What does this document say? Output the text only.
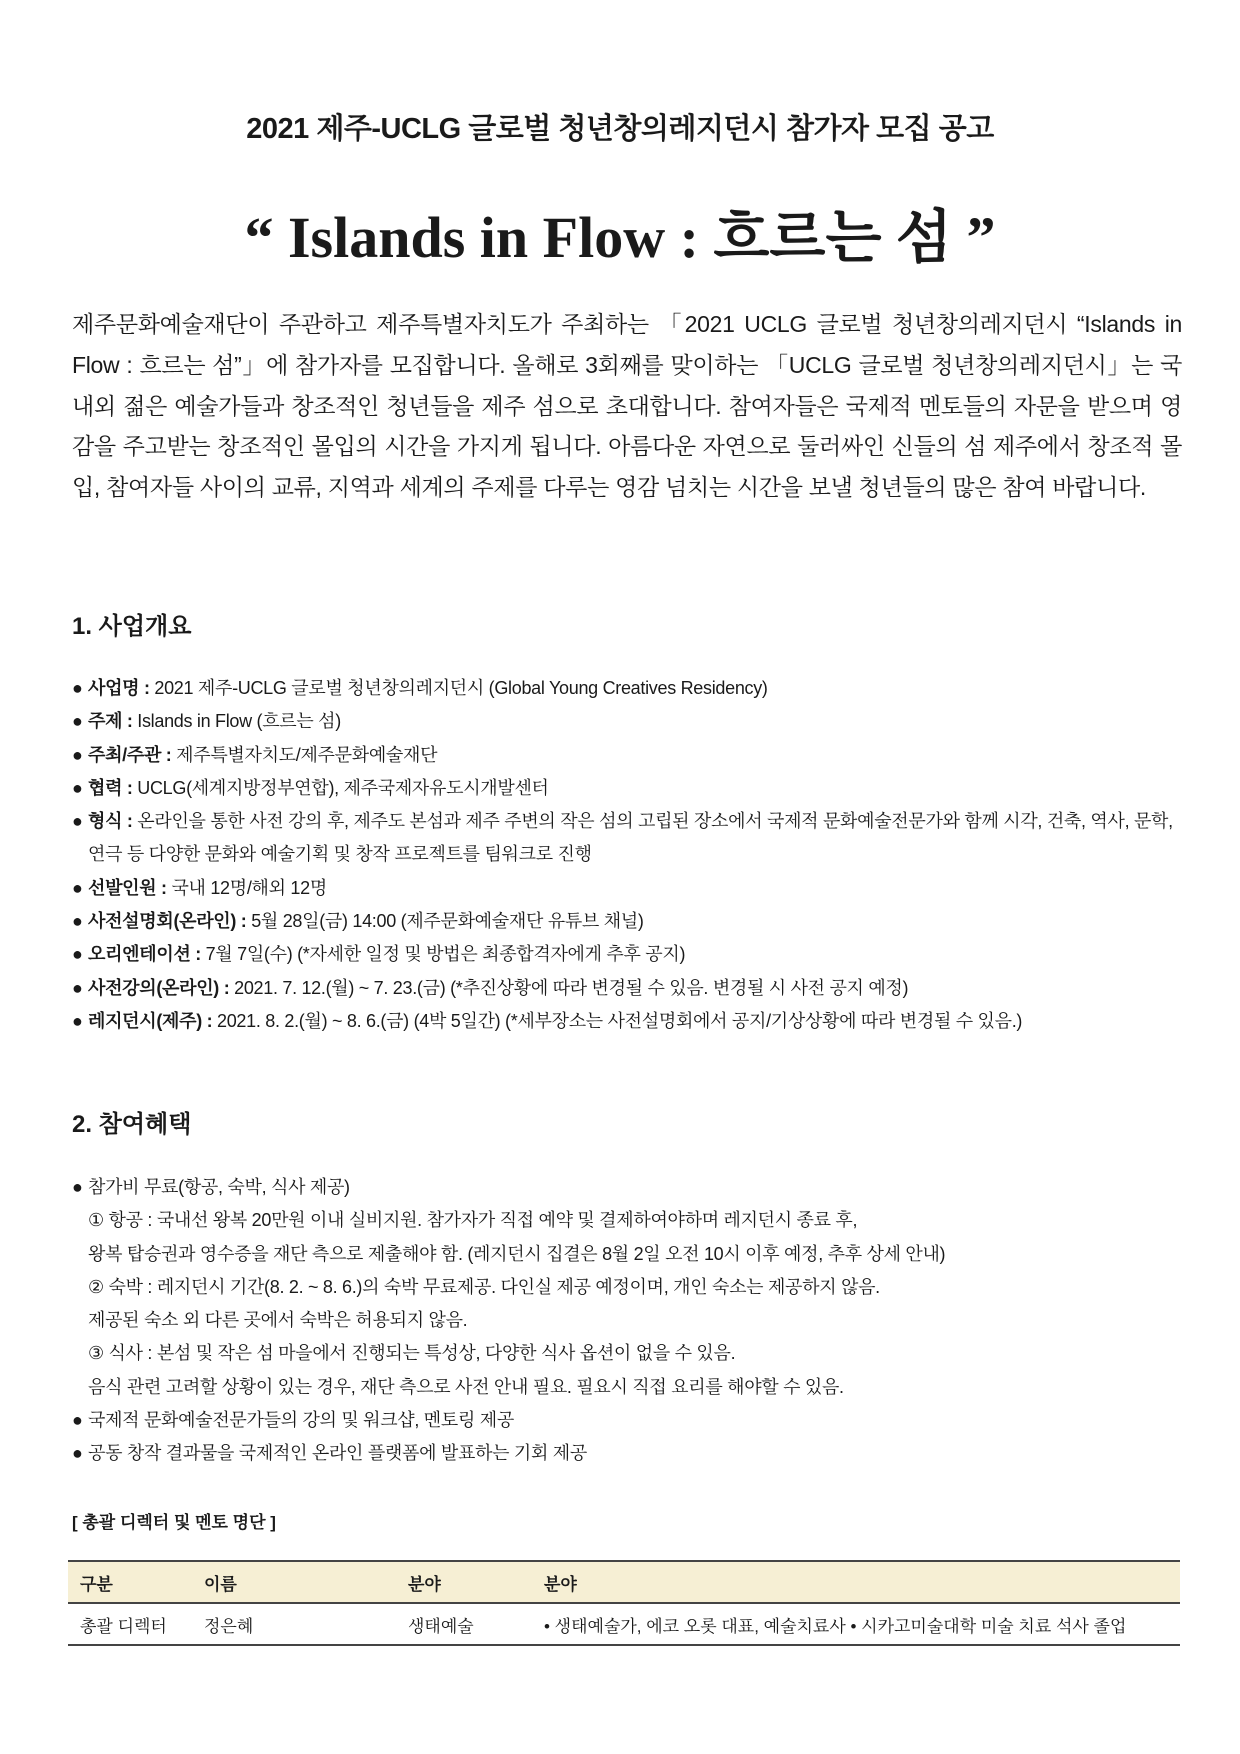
2021 제주-UCLG 글로벌 청년창의레지던시 참가자 모집 공고
“ Islands in Flow : 흐르는 섬 ”
제주문화예술재단이 주관하고 제주특별자치도가 주최하는 「2021 UCLG 글로벌 청년창의레지던시 “Islands in Flow : 흐르는 섬”」에 참가자를 모집합니다. 올해로 3회째를 맞이하는 「UCLG 글로벌 청년창의레지던시」는 국내외 젊은 예술가들과 창조적인 청년들을 제주 섬으로 초대합니다. 참여자들은 국제적 멘토들의 자문을 받으며 영감을 주고받는 창조적인 몰입의 시간을 가지게 됩니다. 아름다운 자연으로 둘러싸인 신들의 섬 제주에서 창조적 몰입, 참여자들 사이의 교류, 지역과 세계의 주제를 다루는 영감 넘치는 시간을 보낼 청년들의 많은 참여 바랍니다.
1. 사업개요
● 사업명 : 2021 제주-UCLG 글로벌 청년창의레지던시 (Global Young Creatives Residency)
● 주제 : Islands in Flow (흐르는 섬)
● 주최/주관 : 제주특별자치도/제주문화예술재단
● 협력 : UCLG(세계지방정부연합), 제주국제자유도시개발센터
● 형식 : 온라인을 통한 사전 강의 후, 제주도 본섬과 제주 주변의 작은 섬의 고립된 장소에서 국제적 문화예술전문가와 함께 시각, 건축, 역사, 문학, 연극 등 다양한 문화와 예술기획 및 창작 프로젝트를 팀워크로 진행
● 선발인원 : 국내 12명/해외 12명
● 사전설명회(온라인) : 5월 28일(금) 14:00 (제주문화예술재단 유튜브 채널)
● 오리엔테이션 : 7월 7일(수) (*자세한 일정 및 방법은 최종합격자에게 추후 공지)
● 사전강의(온라인) : 2021. 7. 12.(월) ~ 7. 23.(금) (*추진상황에 따라 변경될 수 있음. 변경될 시 사전 공지 예정)
● 레지던시(제주) : 2021. 8. 2.(월) ~ 8. 6.(금) (4박 5일간) (*세부장소는 사전설명회에서 공지/기상상황에 따라 변경될 수 있음.)
2. 참여혜택
● 참가비 무료(항공, 숙박, 식사 제공)
① 항공 : 국내선 왕복 20만원 이내 실비지원. 참가자가 직접 예약 및 결제하여야하며 레지던시 종료 후,
왕복 탑승권과 영수증을 재단 측으로 제출해야 함. (레지던시 집결은 8월 2일 오전 10시 이후 예정, 추후 상세 안내)
② 숙박 : 레지던시 기간(8. 2. ~ 8. 6.)의 숙박 무료제공. 다인실 제공 예정이며, 개인 숙소는 제공하지 않음.
제공된 숙소 외 다른 곳에서 숙박은 허용되지 않음.
③ 식사 : 본섬 및 작은 섬 마을에서 진행되는 특성상, 다양한 식사 옵션이 없을 수 있음.
음식 관련 고려할 상황이 있는 경우, 재단 측으로 사전 안내 필요. 필요시 직접 요리를 해야할 수 있음.
● 국제적 문화예술전문가들의 강의 및 워크샵, 멘토링 제공
● 공동 창작 결과물을 국제적인 온라인 플랫폼에 발표하는 기회 제공
[ 총괄 디렉터 및 멘토 명단 ]
구분	이름	분야	분야
총괄 디렉터	정은혜	생태예술	• 생태예술가, 에코 오롯 대표, 예술치료사 • 시카고미술대학 미술 치료 석사 졸업
